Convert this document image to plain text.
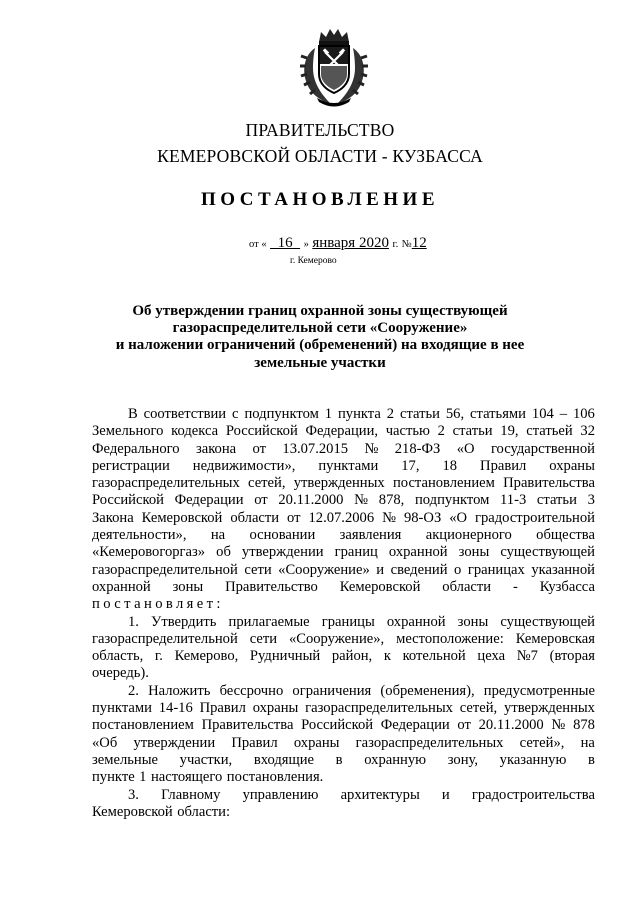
ПРАВИТЕЛЬСТВО
КЕМЕРОВСКОЙ ОБЛАСТИ - КУЗБАССА
ПОСТАНОВЛЕНИЕ
от « 16 » января 2020 г. №12
г. Кемерово
Об утверждении границ охранной зоны существующей
газораспределительной сети «Сооружение»
и наложении ограничений (обременений) на входящие в нее
земельные участки
В соответствии с подпунктом 1 пункта 2 статьи 56, статьями 104 – 106
Земельного кодекса Российской Федерации, частью 2 статьи 19, статьей 32
Федерального закона от 13.07.2015 № 218-ФЗ «О государственной
регистрации недвижимости», пунктами 17, 18 Правил охраны
газораспределительных сетей, утвержденных постановлением Правительства
Российской Федерации от 20.11.2000 № 878, подпунктом 11-3 статьи 3
Закона Кемеровской области от 12.07.2006 № 98-ОЗ «О градостроительной
деятельности», на основании заявления акционерного общества
«Кемеровогоргаз» об утверждении границ охранной зоны существующей
газораспределительной сети «Сооружение» и сведений о границах указанной
охранной зоны Правительство Кемеровской области - Кузбасса
постановляет:
1. Утвердить прилагаемые границы охранной зоны существующей
газораспределительной сети «Сооружение», местоположение: Кемеровская
область, г. Кемерово, Рудничный район, к котельной цеха №7 (вторая
очередь).
2. Наложить бессрочно ограничения (обременения), предусмотренные
пунктами 14-16 Правил охраны газораспределительных сетей, утвержденных
постановлением Правительства Российской Федерации от 20.11.2000 № 878
«Об утверждении Правил охраны газораспределительных сетей», на
земельные участки, входящие в охранную зону, указанную в
пункте 1 настоящего постановления.
3. Главному управлению архитектуры и градостроительства
Кемеровской области:
